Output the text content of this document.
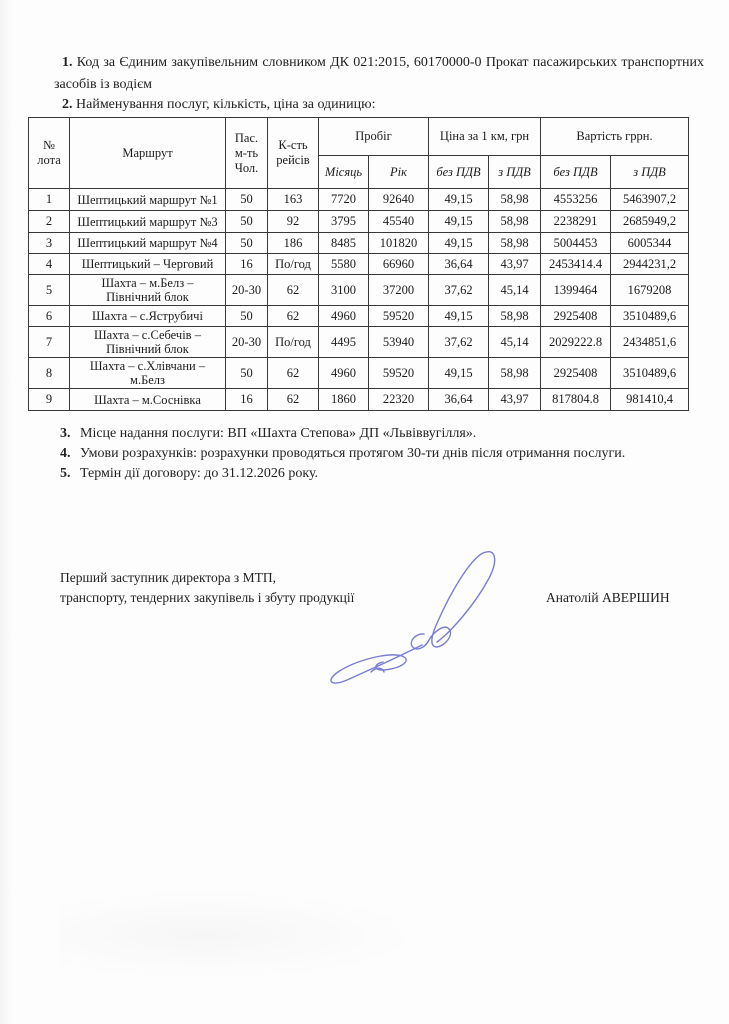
1. Код за Єдиним закупівельним словником ДК 021:2015, 60170000-0 Прокат пасажирських транспортних засобів із водієм

2. Найменування послуг, кількість, ціна за одиницю:

№ лота	Маршрут	Пас. м-ть Чол.	К-сть рейсів	Пробіг		Ціна за 1 км, грн		Вартість гррн.	
				Місяць	Рік	без ПДВ	з ПДВ	без ПДВ	з ПДВ
1	Шептицький маршрут №1	50	163	7720	92640	49,15	58,98	4553256	5463907,2
2	Шептицький маршрут №3	50	92	3795	45540	49,15	58,98	2238291	2685949,2
3	Шептицький маршрут №4	50	186	8485	101820	49,15	58,98	5004453	6005344
4	Шептицький – Черговий	16	По/год	5580	66960	36,64	43,97	2453414.4	2944231,2
5	Шахта – м.Белз – Північний блок	20-30	62	3100	37200	37,62	45,14	1399464	1679208
6	Шахта – с.Яструбичі	50	62	4960	59520	49,15	58,98	2925408	3510489,6
7	Шахта – с.Себечів – Північний блок	20-30	По/год	4495	53940	37,62	45,14	2029222.8	2434851,6
8	Шахта – с.Хлівчани – м.Белз	50	62	4960	59520	49,15	58,98	2925408	3510489,6
9	Шахта – м.Соснівка	16	62	1860	22320	36,64	43,97	817804.8	981410,4
3. Місце надання послуги: ВП «Шахта Степова» ДП «Львіввугілля».
4. Умови розрахунків: розрахунки проводяться протягом 30-ти днів після отримання послуги.
5. Термін дії договору: до 31.12.2026 року.
Перший заступник директора з МТП,
транспорту, тендерних закупівель і збуту продукції	Анатолій АВЕРШИН
